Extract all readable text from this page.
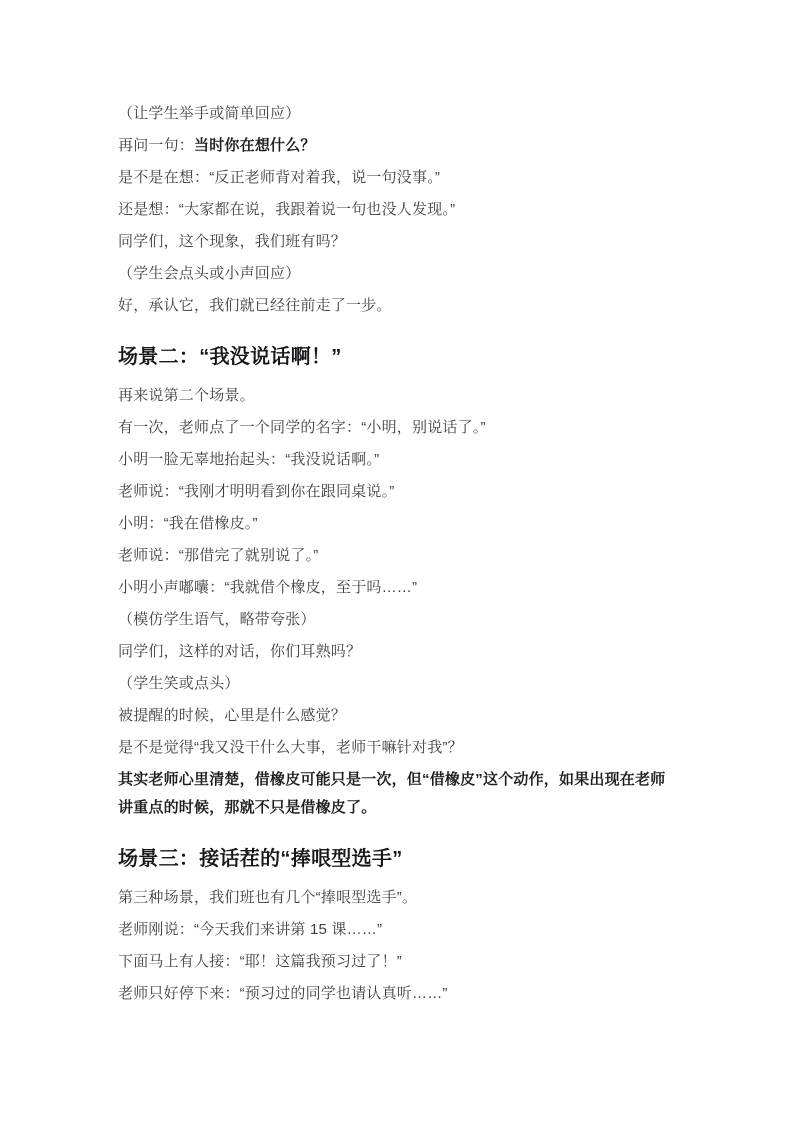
（让学生举手或简单回应）

再问一句：当时你在想什么？

是不是在想：“反正老师背对着我，说一句没事。”

还是想：“大家都在说，我跟着说一句也没人发现。”

同学们，这个现象，我们班有吗？

（学生会点头或小声回应）

好，承认它，我们就已经往前走了一步。

场景二：“我没说话啊！”

再来说第二个场景。

有一次，老师点了一个同学的名字：“小明，别说话了。”

小明一脸无辜地抬起头：“我没说话啊。”

老师说：“我刚才明明看到你在跟同桌说。”

小明：“我在借橡皮。”

老师说：“那借完了就别说了。”

小明小声嘟囔：“我就借个橡皮，至于吗……”

（模仿学生语气，略带夸张）

同学们，这样的对话，你们耳熟吗？

（学生笑或点头）

被提醒的时候，心里是什么感觉？

是不是觉得“我又没干什么大事，老师干嘛针对我”？

其实老师心里清楚，借橡皮可能只是一次，但“借橡皮”这个动作，如果出现在老师讲重点的时候，那就不只是借橡皮了。

场景三：接话茬的“捧哏型选手”

第三种场景，我们班也有几个“捧哏型选手”。

老师刚说：“今天我们来讲第 15 课……”

下面马上有人接：“耶！这篇我预习过了！”

老师只好停下来：“预习过的同学也请认真听……”
